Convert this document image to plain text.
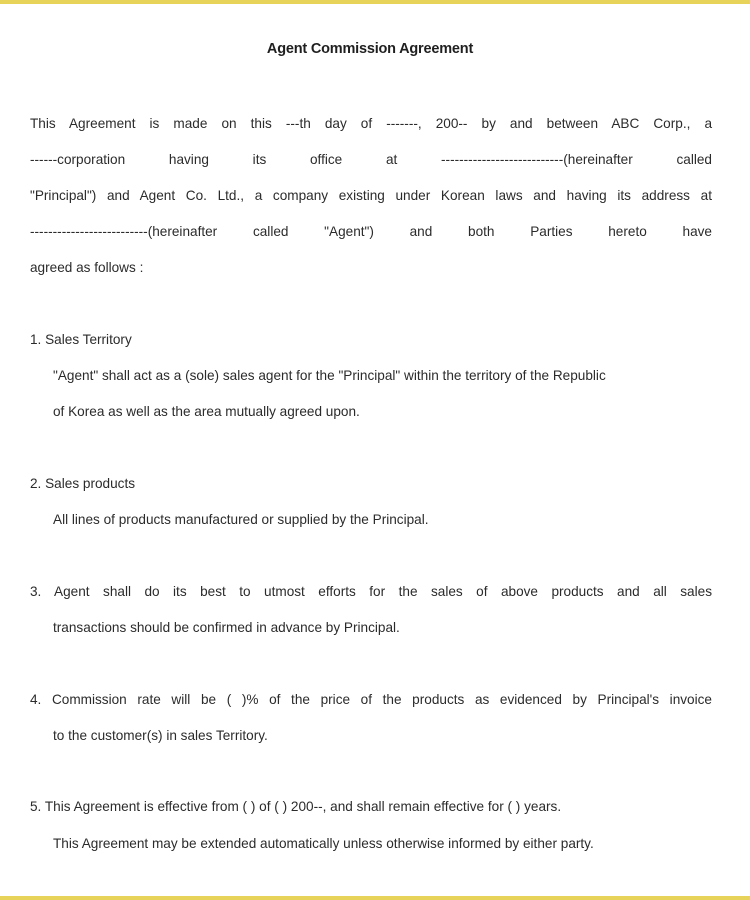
Agent Commission Agreement
This Agreement is made on this ---th day of -------, 200-- by and between ABC Corp., a
------corporation having its office at ---------------------------(hereinafter called
"Principal") and Agent Co. Ltd., a company existing under Korean laws and having its address at
--------------------------(hereinafter called "Agent") and both Parties hereto have
agreed as follows :
1. Sales Territory
"Agent" shall act as a (sole) sales agent for the "Principal" within the territory of the Republic
of Korea as well as the area mutually agreed upon.
2. Sales products
All lines of products manufactured or supplied by the Principal.
3. Agent shall do its best to utmost efforts for the sales of above products and all sales
transactions should be confirmed in advance by Principal.
4. Commission rate will be ( )% of the price of the products as evidenced by Principal's invoice
to the customer(s) in sales Territory.
5. This Agreement is effective from ( ) of ( ) 200--, and shall remain effective for ( ) years.
This Agreement may be extended automatically unless otherwise informed by either party.
